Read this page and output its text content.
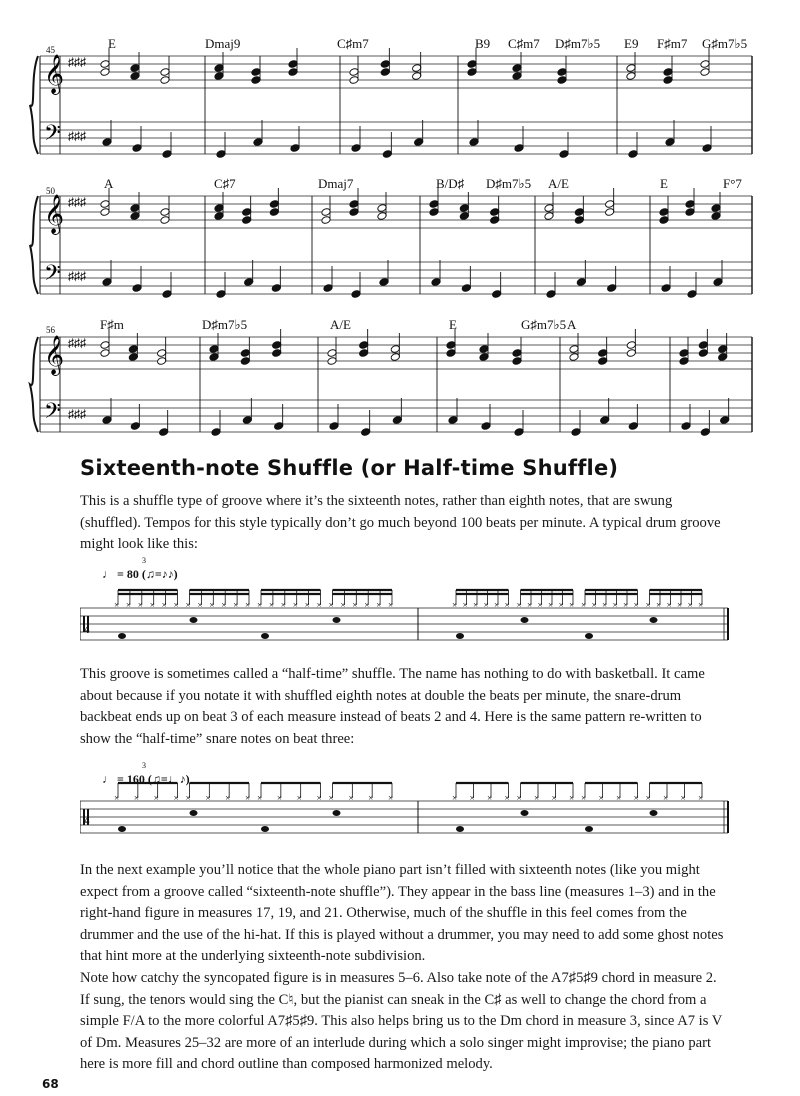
𝄞
𝄢
♯♯♯
♯♯♯
𝄞
𝄢
♯♯♯
♯♯♯
𝄞
𝄢
♯♯♯
♯♯♯
45	E	Dmaj9	C♯m7	B9 C♯m7 D♯m7♭5 E9 F♯m7 G♯m7♭5
50	A	C♯7	Dmaj7	B/D♯ D♯m7♭5 A/E	E	F°7
56	F♯m	D♯m7♭5	A/E	E	G♯m7♭5 A
Sixteenth-note Shuffle (or Half-time Shuffle)

This is a shuffle type of groove where it’s the sixteenth notes, rather than eighth notes, that are swung (shuffled). Tempos for this style typically don’t go much beyond 100 beats per minute. A typical drum groove might look like this:

♩ = 80 (♫=♪♪)
3
× × × × × × × × × × × × × × × × × × × × × × × ×	× × × × × × × × × × × × × × × × × × × × × × × ×
4

This groove is sometimes called a “half-time” shuffle. The name has nothing to do with basketball. It came about because if you notate it with shuffled eighth notes at double the beats per minute, the snare-drum backbeat ends up on beat 3 of each measure instead of beats 2 and 4. Here is the same pattern re-written to show the “half-time” snare notes on beat three:

♩ = 160 (♫=♩♪)
3
× × × × × × × × × × × × × × × ×	× × × × × × × × × × × × × × × ×
4

In the next example you’ll notice that the whole piano part isn’t filled with sixteenth notes (like you might expect from a groove called “sixteenth-note shuffle”). They appear in the bass line (measures 1–3) and in the right-hand figure in measures 17, 19, and 21. Otherwise, much of the shuffle in this feel comes from the drummer and the use of the hi-hat. If this is played without a drummer, you may need to add some ghost notes that hint more at the underlying sixteenth-note subdivision.

Note how catchy the syncopated figure is in measures 5–6. Also take note of the A7♯5♯9 chord in measure 2. If sung, the tenors would sing the C♮, but the pianist can sneak in the C♯ as well to change the chord from a simple F/A to the more colorful A7♯5♯9. This also helps bring us to the Dm chord in measure 3, since A7 is V of Dm. Measures 25–32 are more of an interlude during which a solo singer might improvise; the piano part here is more fill and chord outline than composed harmonized melody.

68
